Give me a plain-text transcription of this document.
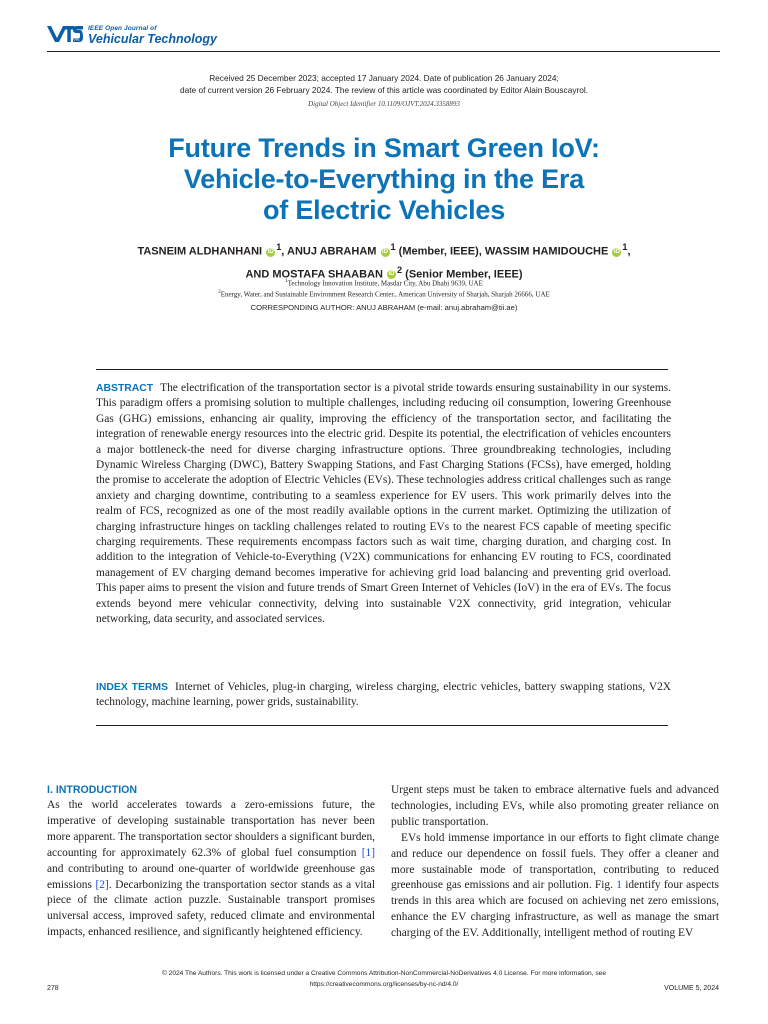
VTS
IEEE Open Journal of
Vehicular Technology
Received 25 December 2023; accepted 17 January 2024. Date of publication 26 January 2024;
date of current version 26 February 2024. The review of this article was coordinated by Editor Alain Bouscayrol.
Digital Object Identifier 10.1109/OJVT.2024.3358893
Future Trends in Smart Green IoV:
Vehicle-to-Everything in the Era
of Electric Vehicles
TASNEIM ALDHANHANI iD $^1$, ANUJ ABRAHAM iD $^1$ (Member, IEEE), WASSIM HAMIDOUCHE iD $^1$,
AND MOSTAFA SHAABAN iD $^2$ (Senior Member, IEEE)
$^1$Technology Innovation Institute, Masdar City, Abu Dhabi 9639, UAE
$^2$Energy, Water, and Sustainable Environment Research Center., American University of Sharjah, Sharjah 26666, UAE
CORRESPONDING AUTHOR: ANUJ ABRAHAM (e-mail: anuj.abraham@tii.ae)
ABSTRACT The electrification of the transportation sector is a pivotal stride towards ensuring sustainability in our systems. This paradigm offers a promising solution to multiple challenges, including reducing oil consumption, lowering Greenhouse Gas (GHG) emissions, enhancing air quality, improving the efficiency of the transportation sector, and facilitating the integration of renewable energy resources into the electric grid. Despite its potential, the electrification of vehicles encounters a major bottleneck-the need for diverse charging infrastructure options. Three groundbreaking technologies, including Dynamic Wireless Charging (DWC), Battery Swapping Stations, and Fast Charging Stations (FCSs), have emerged, holding the promise to accelerate the adoption of Electric Vehicles (EVs). These technologies address critical challenges such as range anxiety and charging downtime, contributing to a seamless experience for EV users. This work primarily delves into the realm of FCS, recognized as one of the most readily available options in the current market. Optimizing the utilization of charging infrastructure hinges on tackling challenges related to routing EVs to the nearest FCS capable of meeting specific charging requirements. These requirements encompass factors such as wait time, charging duration, and charging cost. In addition to the integration of Vehicle-to-Everything (V2X) communications for enhancing EV routing to FCS, coordinated management of EV charging demand becomes imperative for achieving grid load balancing and preventing grid overload. This paper aims to present the vision and future trends of Smart Green Internet of Vehicles (IoV) in the era of EVs. The focus extends beyond mere vehicular connectivity, delving into sustainable V2X connectivity, grid integration, vehicular networking, data security, and associated services.
INDEX TERMS Internet of Vehicles, plug-in charging, wireless charging, electric vehicles, battery swapping stations, V2X technology, machine learning, power grids, sustainability.
I. INTRODUCTION

As the world accelerates towards a zero-emissions future, the imperative of developing sustainable transportation has never been more apparent. The transportation sector shoulders a significant burden, accounting for approximately 62.3% of global fuel consumption [1] and contributing to around one-quarter of worldwide greenhouse gas emissions [2]. Decarbonizing the transportation sector stands as a vital piece of the climate action puzzle. Sustainable transport promises universal access, improved safety, reduced climate and environmental impacts, enhanced resilience, and significantly heightened efficiency.

Urgent steps must be taken to embrace alternative fuels and advanced technologies, including EVs, while also promoting greater reliance on public transportation.

EVs hold immense importance in our efforts to fight climate change and reduce our dependence on fossil fuels. They offer a cleaner and more sustainable mode of transportation, contributing to reduced greenhouse gas emissions and air pollution. Fig. 1 identify four aspects trends in this area which are focused on achieving net zero emissions, enhance the EV charging infrastructure, as well as manage the smart charging of the EV. Additionally, intelligent method of routing EV

© 2024 The Authors. This work is licensed under a Creative Commons Attribution-NonCommercial-NoDerivatives 4.0 License. For more information, see
https://creativecommons.org/licenses/by-nc-nd/4.0/
278	VOLUME 5, 2024
